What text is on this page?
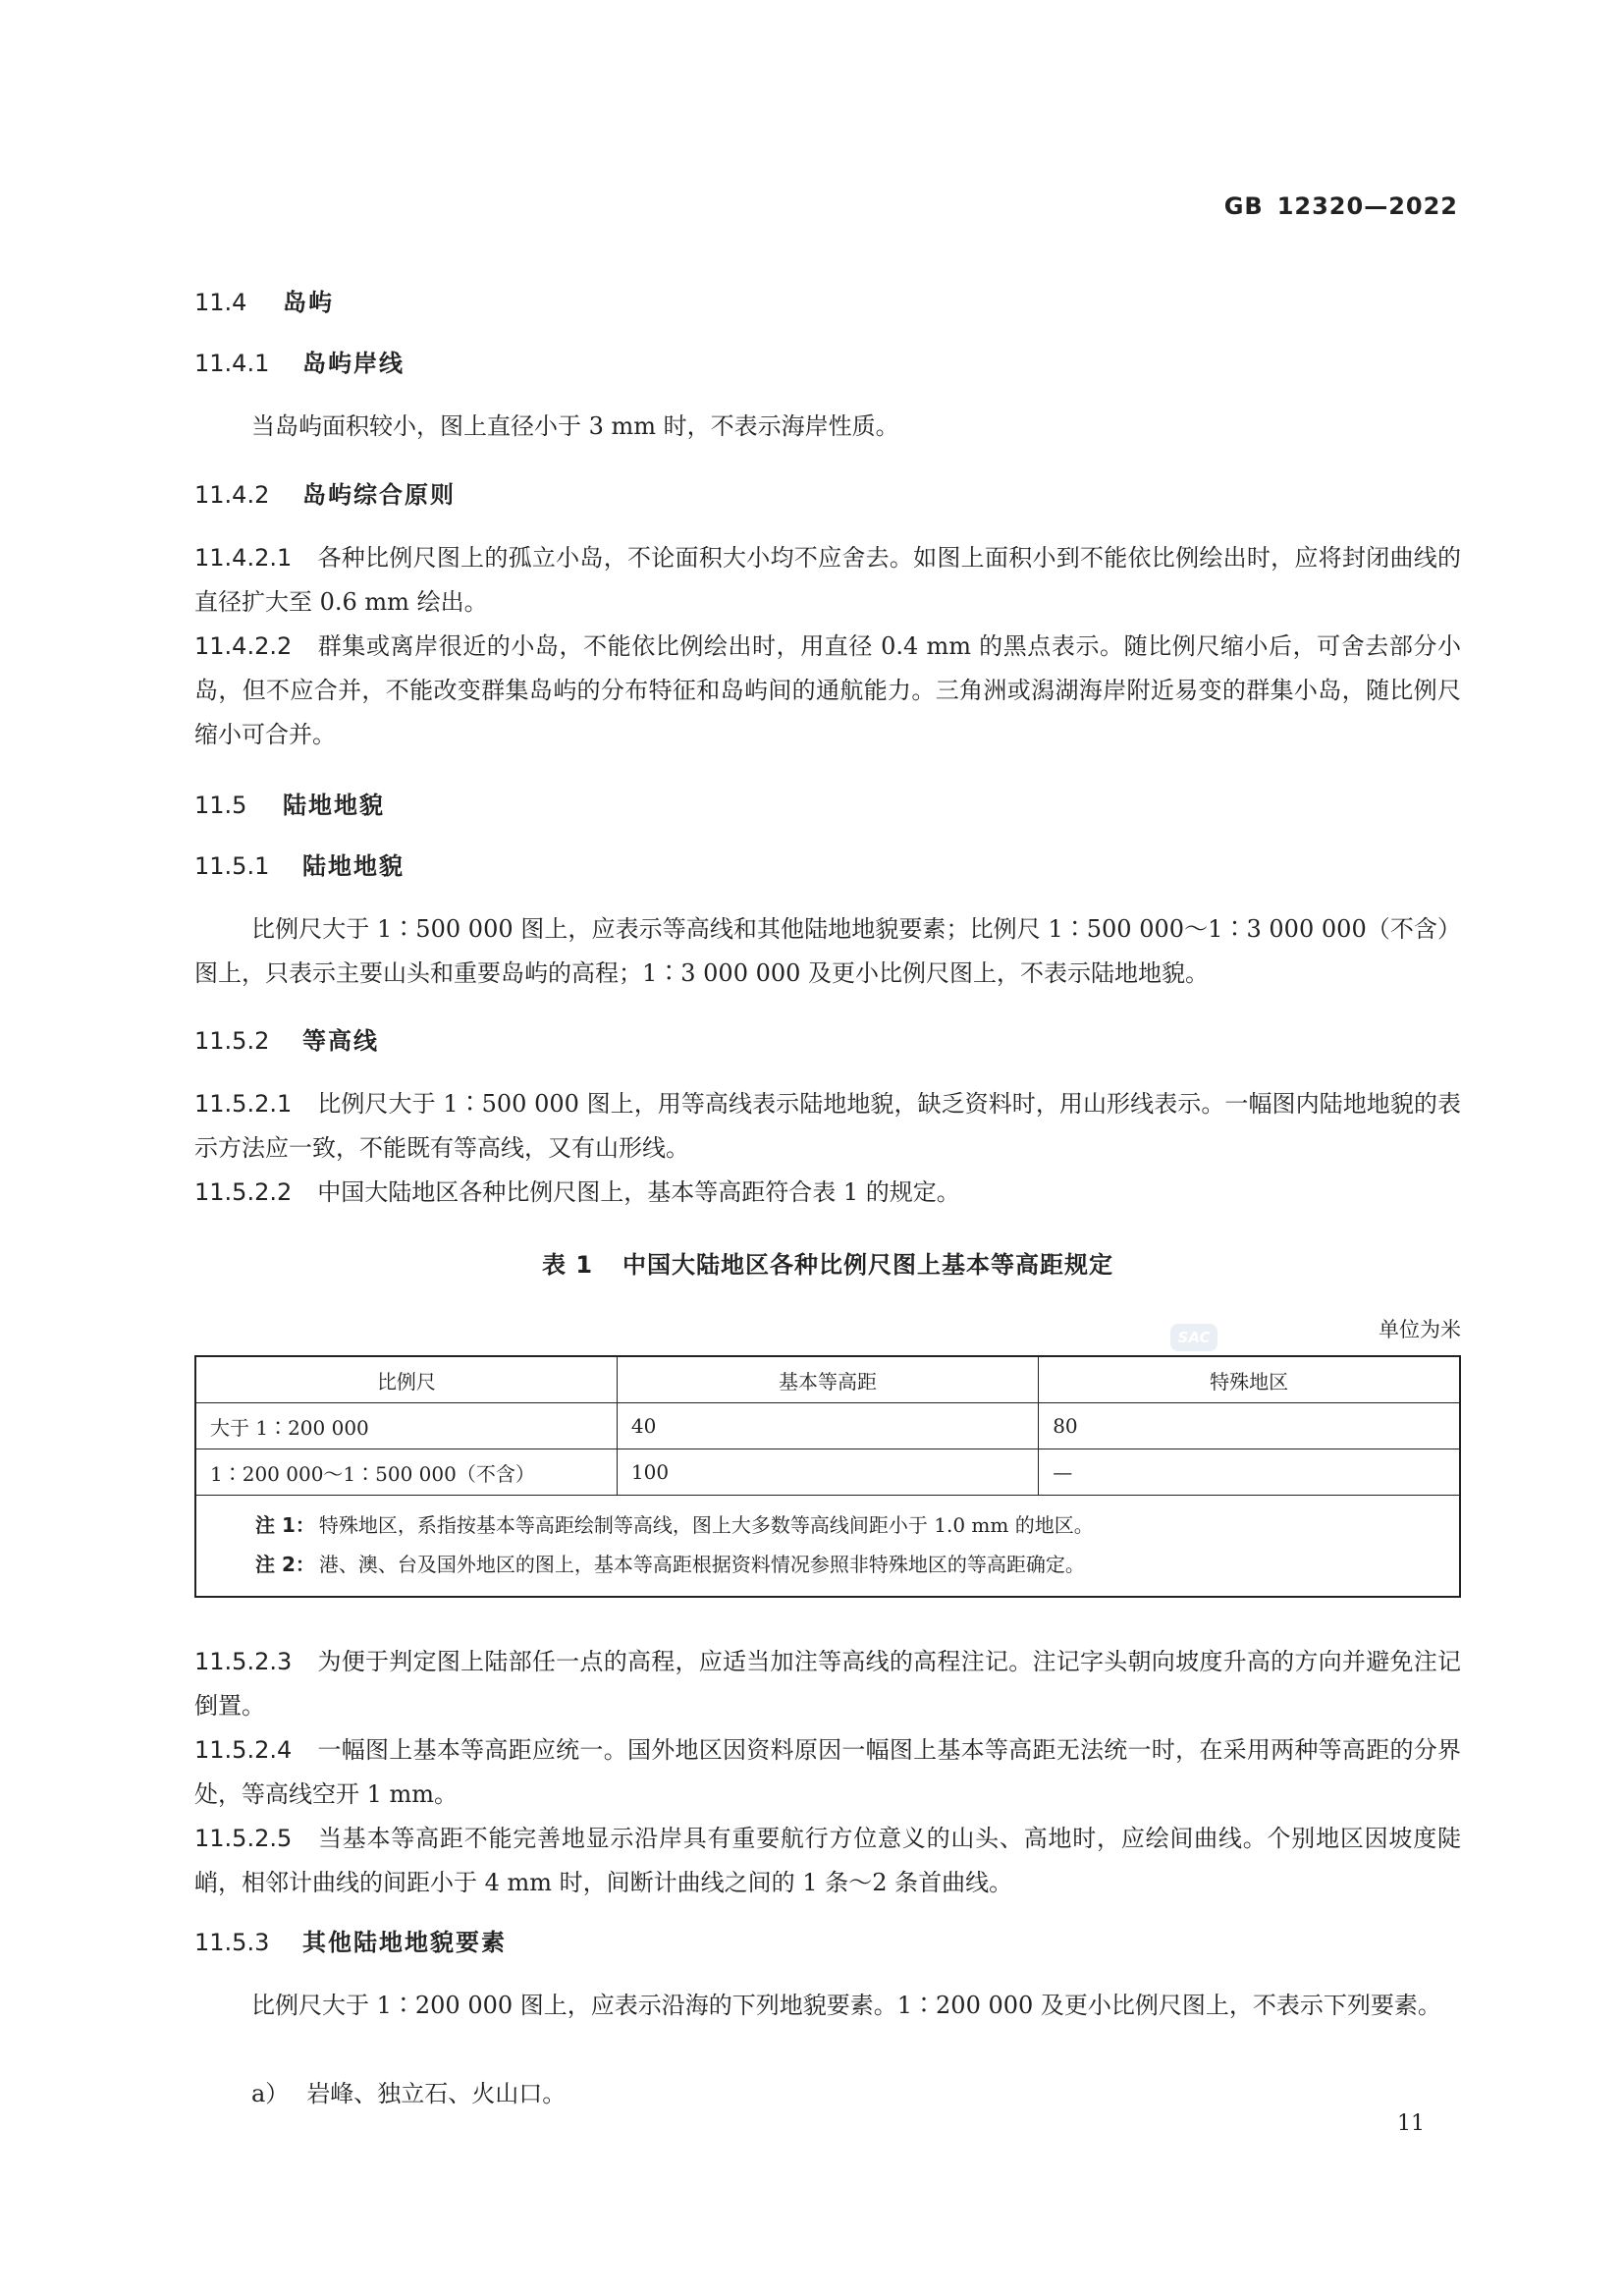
GB 12320—2022
11.4 岛屿
11.4.1 岛屿岸线
当岛屿面积较小，图上直径小于 3 mm 时，不表示海岸性质。
11.4.2 岛屿综合原则
11.4.2.1 各种比例尺图上的孤立小岛，不论面积大小均不应舍去。如图上面积小到不能依比例绘出时，应将封闭曲线的直径扩大至 0.6 mm 绘出。
11.4.2.2 群集或离岸很近的小岛，不能依比例绘出时，用直径 0.4 mm 的黑点表示。随比例尺缩小后，可舍去部分小岛，但不应合并，不能改变群集岛屿的分布特征和岛屿间的通航能力。三角洲或潟湖海岸附近易变的群集小岛，随比例尺缩小可合并。
11.5 陆地地貌
11.5.1 陆地地貌
比例尺大于 1∶500 000 图上，应表示等高线和其他陆地地貌要素；比例尺 1∶500 000～1∶3 000 000（不含）图上，只表示主要山头和重要岛屿的高程；1∶3 000 000 及更小比例尺图上，不表示陆地地貌。
11.5.2 等高线
11.5.2.1 比例尺大于 1∶500 000 图上，用等高线表示陆地地貌，缺乏资料时，用山形线表示。一幅图内陆地地貌的表示方法应一致，不能既有等高线，又有山形线。
11.5.2.2 中国大陆地区各种比例尺图上，基本等高距符合表 1 的规定。
表 1 中国大陆地区各种比例尺图上基本等高距规定
单位为米
比例尺	基本等高距	特殊地区
大于 1∶200 000	40	80
1∶200 000～1∶500 000（不含）	100	—

注 1： 特殊地区，系指按基本等高距绘制等高线，图上大多数等高线间距小于 1.0 mm 的地区。
注 2： 港、澳、台及国外地区的图上，基本等高距根据资料情况参照非特殊地区的等高距确定。		
11.5.2.3 为便于判定图上陆部任一点的高程，应适当加注等高线的高程注记。注记字头朝向坡度升高的方向并避免注记倒置。
11.5.2.4 一幅图上基本等高距应统一。国外地区因资料原因一幅图上基本等高距无法统一时，在采用两种等高距的分界处，等高线空开 1 mm。
11.5.2.5 当基本等高距不能完善地显示沿岸具有重要航行方位意义的山头、高地时，应绘间曲线。个别地区因坡度陡峭，相邻计曲线的间距小于 4 mm 时，间断计曲线之间的 1 条～2 条首曲线。
11.5.3 其他陆地地貌要素
比例尺大于 1∶200 000 图上，应表示沿海的下列地貌要素。1∶200 000 及更小比例尺图上，不表示下列要素。
a） 岩峰、独立石、火山口。
SAC
11
